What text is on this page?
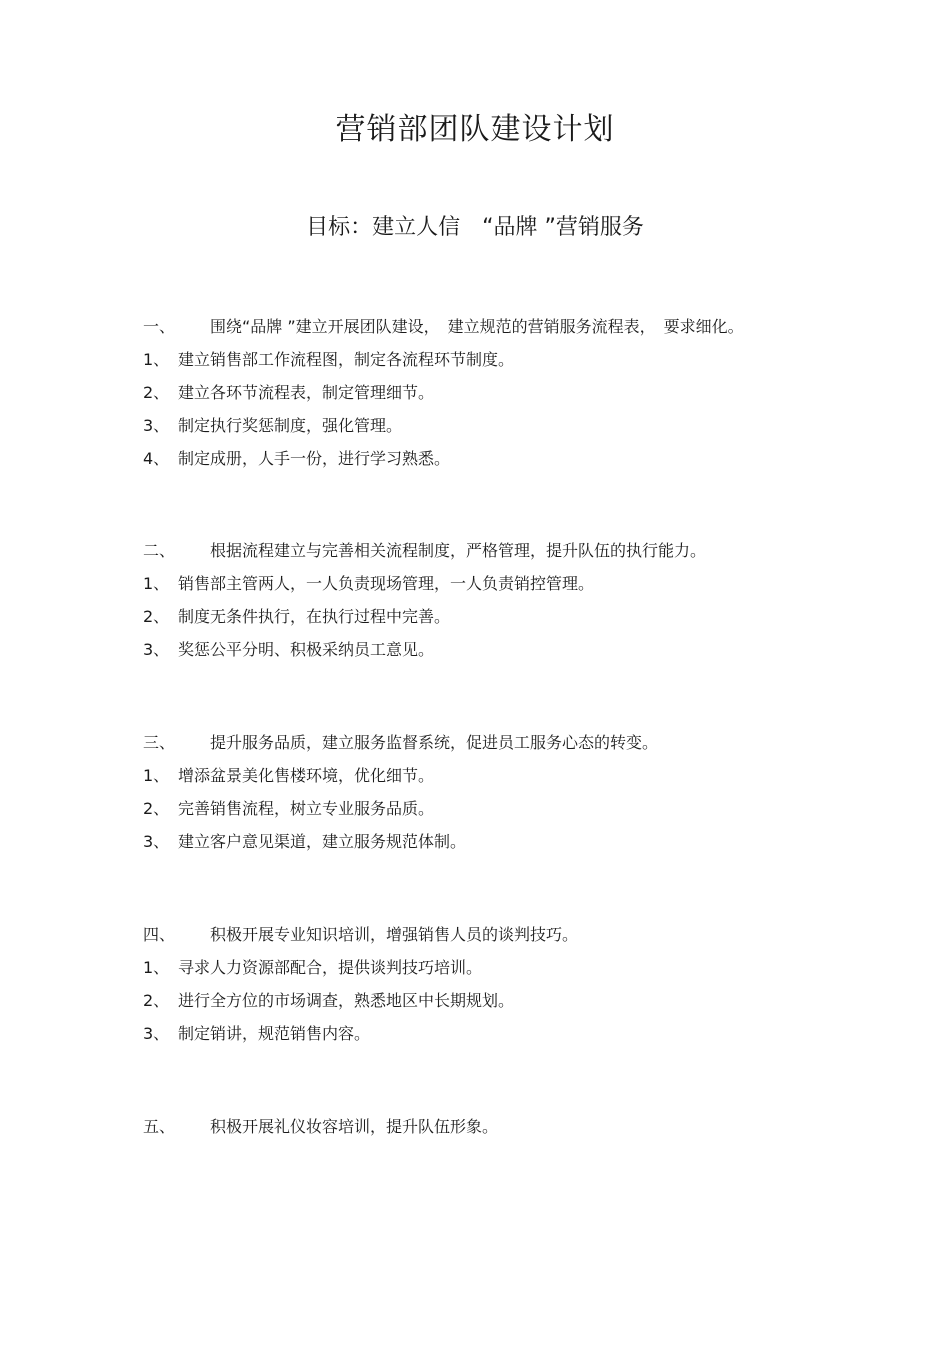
营销部团队建设计划
目标：建立人信　“品牌 ”营销服务
一、 围绕“品牌 ”建立开展团队建设，　建立规范的营销服务流程表，　要求细化。
1、 建立销售部工作流程图，制定各流程环节制度。
2、 建立各环节流程表，制定管理细节。
3、 制定执行奖惩制度，强化管理。
4、 制定成册，人手一份，进行学习熟悉。
二、 根据流程建立与完善相关流程制度，严格管理，提升队伍的执行能力。
1、 销售部主管两人，一人负责现场管理，一人负责销控管理。
2、 制度无条件执行，在执行过程中完善。
3、 奖惩公平分明、积极采纳员工意见。
三、 提升服务品质，建立服务监督系统，促进员工服务心态的转变。
1、 增添盆景美化售楼环境，优化细节。
2、 完善销售流程，树立专业服务品质。
3、 建立客户意见渠道，建立服务规范体制。
四、 积极开展专业知识培训，增强销售人员的谈判技巧。
1、 寻求人力资源部配合，提供谈判技巧培训。
2、 进行全方位的市场调查，熟悉地区中长期规划。
3、 制定销讲，规范销售内容。
五、 积极开展礼仪妆容培训，提升队伍形象。
